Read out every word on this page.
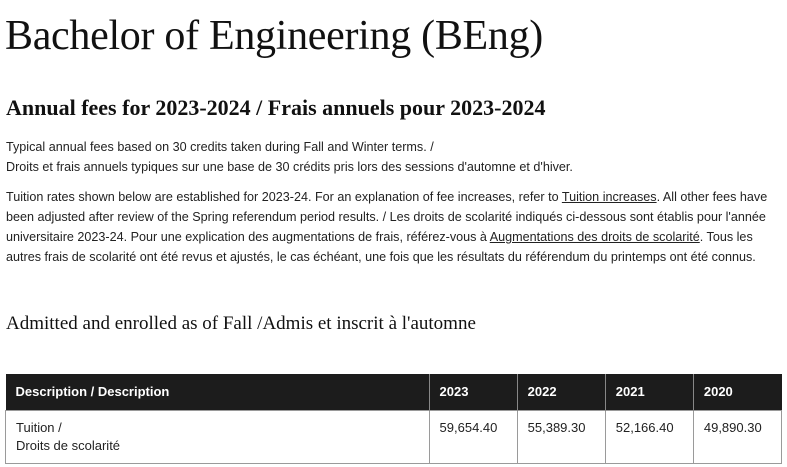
Bachelor of Engineering (BEng)
Annual fees for 2023-2024 / Frais annuels pour 2023-2024

Typical annual fees based on 30 credits taken during Fall and Winter terms. /
Droits et frais annuels typiques sur une base de 30 crédits pris lors des sessions d'automne et d'hiver.

Tuition rates shown below are established for 2023-24. For an explanation of fee increases, refer to Tuition increases. All other fees have been adjusted after review of the Spring referendum period results. / Les droits de scolarité indiqués ci-dessous sont établis pour l'année universitaire 2023-24. Pour une explication des augmentations de frais, référez-vous à Augmentations des droits de scolarité. Tous les autres frais de scolarité ont été revus et ajustés, le cas échéant, une fois que les résultats du référendum du printemps ont été connus.

Admitted and enrolled as of Fall /Admis et inscrit à l'automne
Description / Description	2023	2022	2021	2020

Tuition /
Droits de scolarité	59,654.40	55,389.30	52,166.40	49,890.30
